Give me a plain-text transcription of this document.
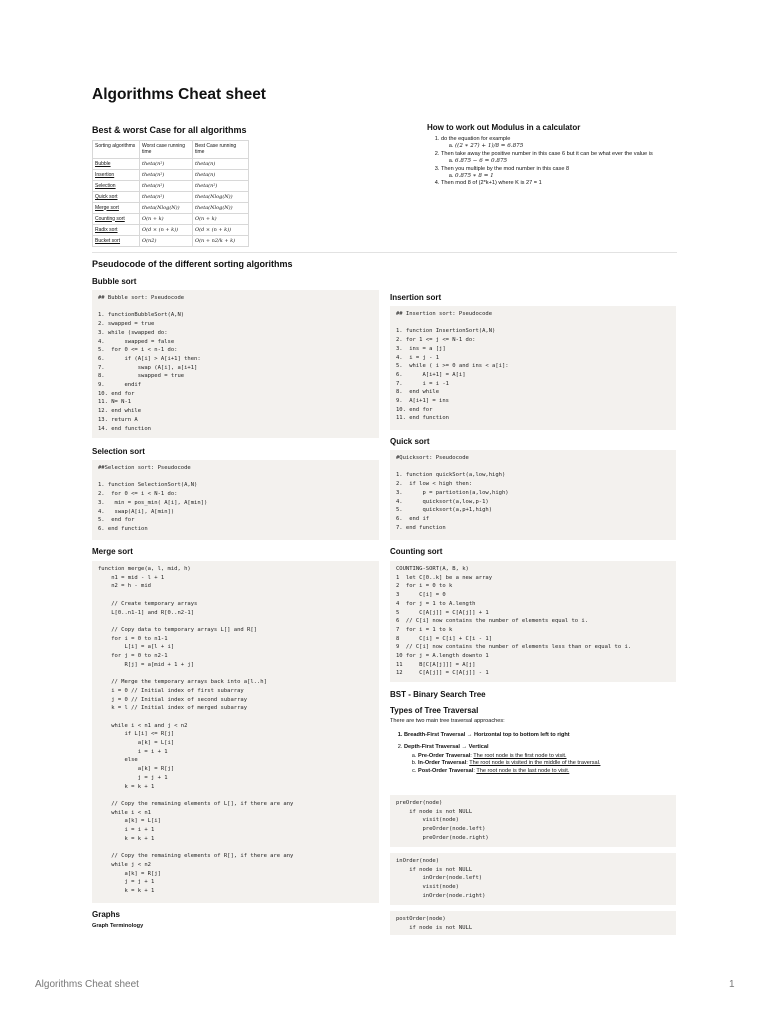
Algorithms Cheat sheet
Best & worst Case for all algorithms
Sorting algorithms	Worst case running time	Best Case running time
Bubble	theta(n²)	theta(n)
Insertion	theta(n²)	theta(n)
Selection	theta(n²)	theta(n²)
Quick sort	theta(n²)	theta(Nlog(N))
Merge sort	theta(Nlog(N))	theta(Nlog(N))
Counting sort	O(n + k)	O(n + k)
Radix sort	O(d × (n + k))	O(d × (n + k))
Bucket sort	O(n2)	O(n + n2/k + k)
How to work out Modulus in a calculator
1. do the equation for example
a. ((2 ∗ 27) + 1)/8 = 6.875
2. Then take away the positive number in this case 6 but it can be what ever the value is
a. 6.875 − 6 = 0.875
3. Then you multiple by the mod number in this case 8
a. 0.875 ∗ 8 = 1
4. Then mod 8 of (2*k+1) where K is 27 = 1
Pseudocode of the different sorting algorithms
Bubble sort
## Bubble sort: Pseudocode

1. functionBubbleSort(A,N)
2. swapped = true
3. while (swapped do:
4.      swapped = false
5.  for 0 <= i < n-1 do:
6.      if (A[i] > A[i+1] then:
7.          swap (A[i], a[i+1]
8.          swapped = true
9.      endif
10. end for
11. N= N-1
12. end while
13. return A
14. end function
Selection sort
##Selection sort: Pseudocode

1. function SelectionSort(A,N)
2.  for 0 <= i < N-1 do:
3.   min = pos_min( A[i], A[min])
4.   swap(A[i], A[min])
5.  end for
6. end function
Merge sort
function merge(a, l, mid, h)
n1 = mid - l + 1
n2 = h - mid

// Create temporary arrays
L[0..n1-1] and R[0..n2-1]

// Copy data to temporary arrays L[] and R[]
for i = 0 to n1-1
L[i] = a[l + i]
for j = 0 to n2-1
R[j] = a[mid + 1 + j]

// Merge the temporary arrays back into a[l..h]
i = 0 // Initial index of first subarray
j = 0 // Initial index of second subarray
k = l // Initial index of merged subarray

while i < n1 and j < n2
if L[i] <= R[j]
a[k] = L[i]
i = i + 1
else
a[k] = R[j]
j = j + 1
k = k + 1

// Copy the remaining elements of L[], if there are any
while i < n1
a[k] = L[i]
i = i + 1
k = k + 1

// Copy the remaining elements of R[], if there are any
while j < n2
a[k] = R[j]
j = j + 1
k = k + 1
Graphs
Graph Terminology
Insertion sort
## Insertion sort: Pseudocode

1. function InsertionSort(A,N)
2. for 1 <= j <= N-1 do:
3.  ins = a [j]
4.  i = j - 1
5.  while ( i >= 0 and ins < a[i]:
6.      A[i+1] = A[i]
7.      i = i -1
8.  end while
9.  A[i+1] = ins
10. end for
11. end function
Quick sort
#Quicksort: Pseudocode

1. function quickSort(a,low,high)
2.  if low < high then:
3.      p = partiotion(a,low,high)
4.      quicksort(a,low,p-1)
5.      quicksort(a,p+1,high)
6.  end if
7. end function
Counting sort
COUNTING-SORT(A, B, k)
1  let C[0..k] be a new array
2  for i = 0 to k
3      C[i] = 0
4  for j = 1 to A.length
5      C[A[j]] = C[A[j]] + 1
6  // C[i] now contains the number of elements equal to i.
7  for i = 1 to k
8      C[i] = C[i] + C[i - 1]
9  // C[i] now contains the number of elements less than or equal to i.
10 for j = A.length downto 1
11     B[C[A[j]]] = A[j]
12     C[A[j]] = C[A[j]] - 1
BST - Binary Search Tree
Types of Tree Traversal
There are two main tree traversal approaches:
1. Breadth-First Traversal → Horizontal top to bottom left to right
2. Depth-First Traversal → Vertical
a. Pre-Order Traversal: The root node is the first node to visit.
b. In-Order Traversal: The root node is visited in the middle of the traversal.
c. Post-Order Traversal: The root node is the last node to visit.
preOrder(node)
if node is not NULL
visit(node)
preOrder(node.left)
preOrder(node.right)
inOrder(node)
if node is not NULL
inOrder(node.left)
visit(node)
inOrder(node.right)
postOrder(node)
if node is not NULL
Algorithms Cheat sheet	1
